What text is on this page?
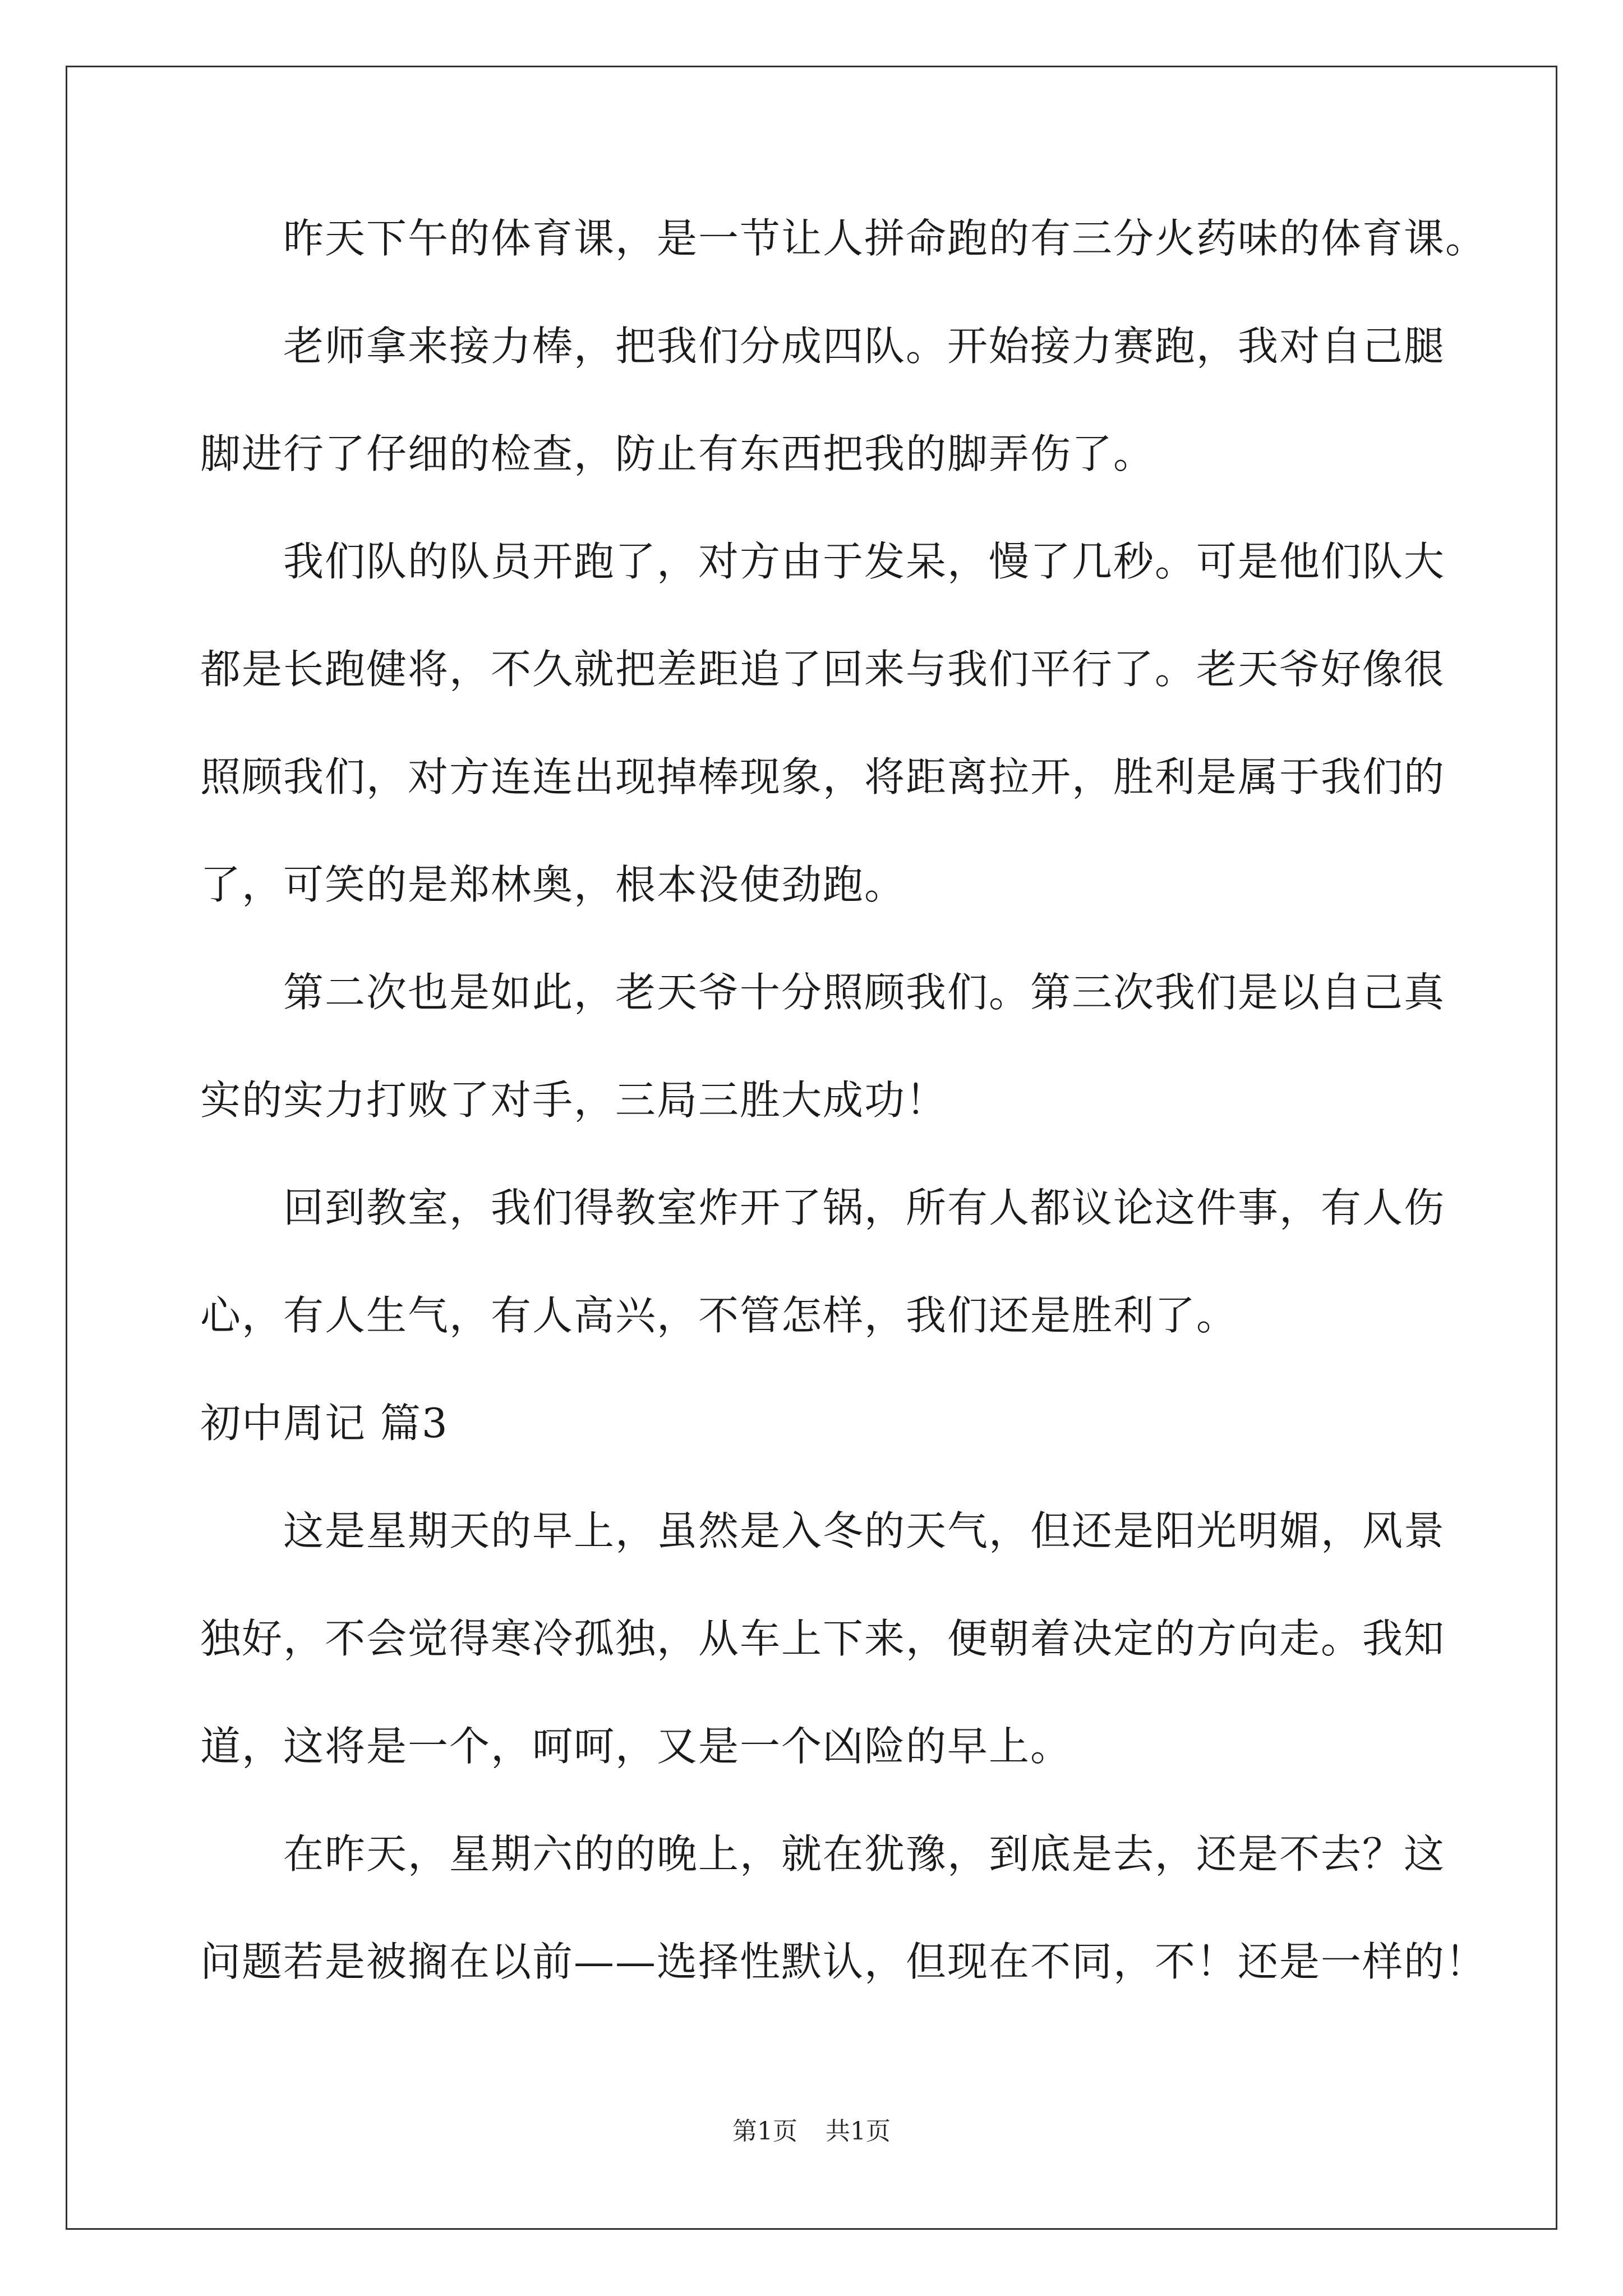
昨天下午的体育课，是一节让人拼命跑的有三分火药味的体育课。
老师拿来接力棒，把我们分成四队。开始接力赛跑，我对自己腿
脚进行了仔细的检查，防止有东西把我的脚弄伤了。
我们队的队员开跑了，对方由于发呆，慢了几秒。可是他们队大
都是长跑健将，不久就把差距追了回来与我们平行了。老天爷好像很
照顾我们，对方连连出现掉棒现象，将距离拉开，胜利是属于我们的
了，可笑的是郑林奥，根本没使劲跑。
第二次也是如此，老天爷十分照顾我们。第三次我们是以自己真
实的实力打败了对手，三局三胜大成功！
回到教室，我们得教室炸开了锅，所有人都议论这件事，有人伤
心，有人生气，有人高兴，不管怎样，我们还是胜利了。
初中周记 篇3
这是星期天的早上，虽然是入冬的天气，但还是阳光明媚，风景
独好，不会觉得寒冷孤独，从车上下来，便朝着决定的方向走。我知
道，这将是一个，呵呵，又是一个凶险的早上。
在昨天，星期六的的晚上，就在犹豫，到底是去，还是不去？这
问题若是被搁在以前——选择性默认，但现在不同，不！还是一样的！
第1页 共1页
